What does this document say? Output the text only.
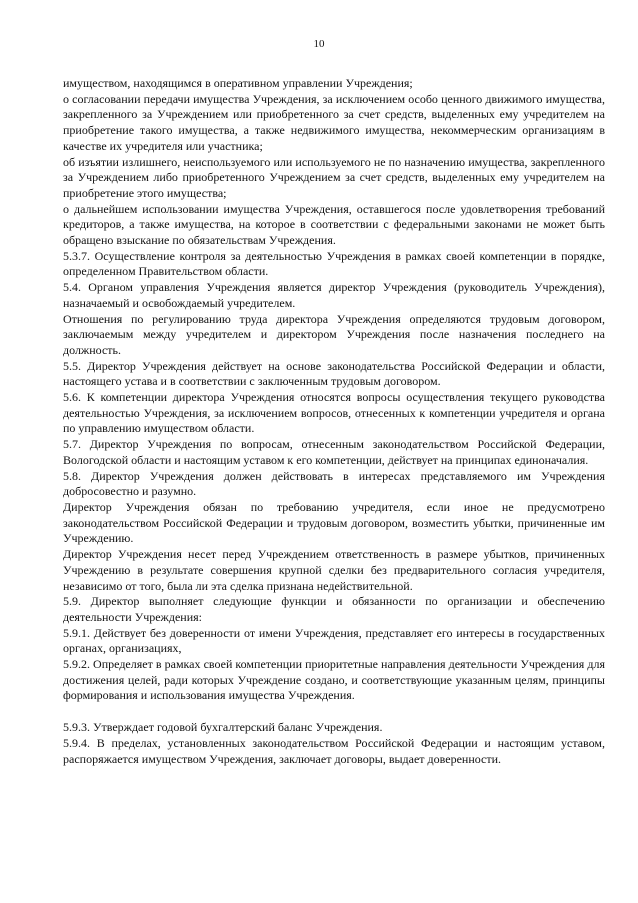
10

имуществом, находящимся в оперативном управлении Учреждения;

о согласовании передачи имущества Учреждения, за исключением особо ценного движимого имущества, закрепленного за Учреждением или приобретенного за счет средств, выделенных ему учредителем на приобретение такого имущества, а также недвижимого имущества, некоммерческим организациям в качестве их учредителя или участника;

об изъятии излишнего, неиспользуемого или используемого не по назначению имущества, закрепленного за Учреждением либо приобретенного Учреждением за счет средств, выделенных ему учредителем на приобретение этого имущества;

о дальнейшем использовании имущества Учреждения, оставшегося после удовлетворения требований кредиторов, а также имущества, на которое в соответствии с федеральными законами не может быть обращено взыскание по обязательствам Учреждения.

5.3.7. Осуществление контроля за деятельностью Учреждения в рамках своей компетенции в порядке, определенном Правительством области.

5.4. Органом управления Учреждения является директор Учреждения (руководитель Учреждения), назначаемый и освобождаемый учредителем.

Отношения по регулированию труда директора Учреждения определяются трудовым договором, заключаемым между учредителем и директором Учреждения после назначения последнего на должность.

5.5. Директор Учреждения действует на основе законодательства Российской Федерации и области, настоящего устава и в соответствии с заключенным трудовым договором.

5.6. К компетенции директора Учреждения относятся вопросы осуществления текущего руководства деятельностью Учреждения, за исключением вопросов, отнесенных к компетенции учредителя и органа по управлению имуществом области.

5.7. Директор Учреждения по вопросам, отнесенным законодательством Российской Федерации, Вологодской области и настоящим уставом к его компетенции, действует на принципах единоначалия.

5.8. Директор Учреждения должен действовать в интересах представляемого им Учреждения добросовестно и разумно.

Директор Учреждения обязан по требованию учредителя, если иное не предусмотрено законодательством Российской Федерации и трудовым договором, возместить убытки, причиненные им Учреждению.

Директор Учреждения несет перед Учреждением ответственность в размере убытков, причиненных Учреждению в результате совершения крупной сделки без предварительного согласия учредителя, независимо от того, была ли эта сделка признана недействительной.

5.9. Директор выполняет следующие функции и обязанности по организации и обеспечению деятельности Учреждения:

5.9.1. Действует без доверенности от имени Учреждения, представляет его интересы в государственных органах, организациях,

5.9.2. Определяет в рамках своей компетенции приоритетные направления деятельности Учреждения для достижения целей, ради которых Учреждение создано, и соответствующие указанным целям, принципы формирования и использования имущества Учреждения.

5.9.3. Утверждает годовой бухгалтерский баланс Учреждения.

5.9.4. В пределах, установленных законодательством Российской Федерации и настоящим уставом, распоряжается имуществом Учреждения, заключает договоры, выдает доверенности.
